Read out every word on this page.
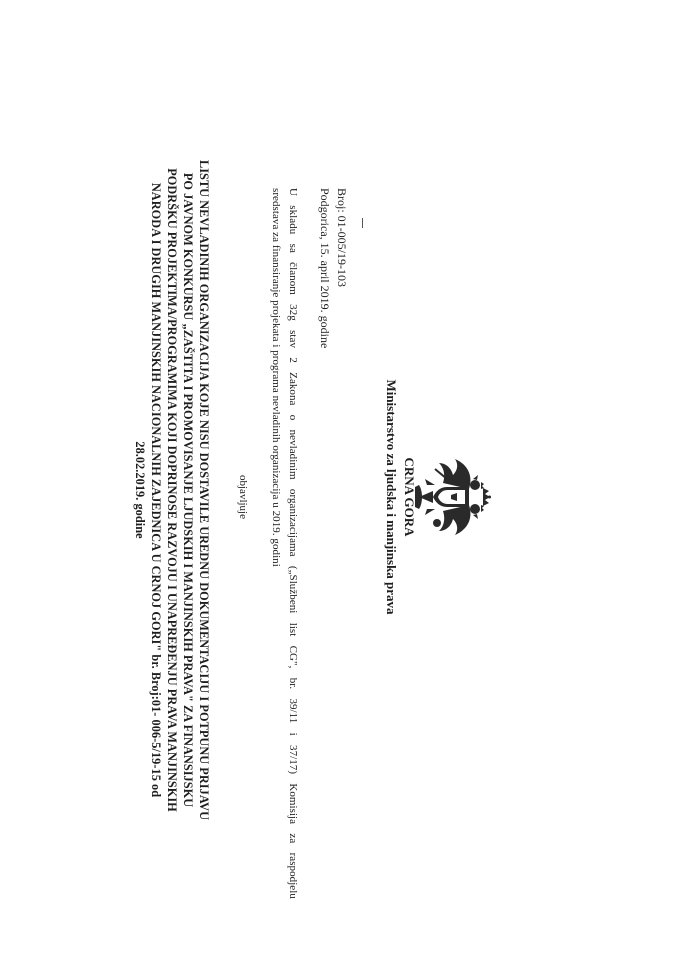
CRNA GORA
Ministarstvo za ljudska i manjinska prava
Broj: 01-005/19-103
Podgorica, 15. april 2019. godine
U skladu sa članom 32g stav 2 Zakona o nevladinim organizacijama („Službeni list CG", br. 39/11 i 37/17) Komisija za raspodjelu
sredstava za finansiranje projekata i programa nevladinih organizacija u 2019. godini
objavljuje
LISTU NEVLADINIH ORGANIZACIJA KOJE NISU DOSTAVILE UREDNU DOKUMENTACIJU I POTPUNU PRIJAVU
PO JAVNOM KONKURSU „ZAŠTITA I PROMOVISANJE LJUDSKIH I MANJINSKIH PRAVA" ZA FINANSIJSKU
PODRŠKU PROJEKTIMA/PROGRAMIMA KOJI DOPRINOSE RAZVOJU I UNAPREĐENJU PRAVA MANJINSKIH
NARODA I DRUGIH MANJINSKIH NACIONALNIH ZAJEDNICA U CRNOJ GORI" br. Broj:01- 006-5/19-15 od
28.02.2019. godine
